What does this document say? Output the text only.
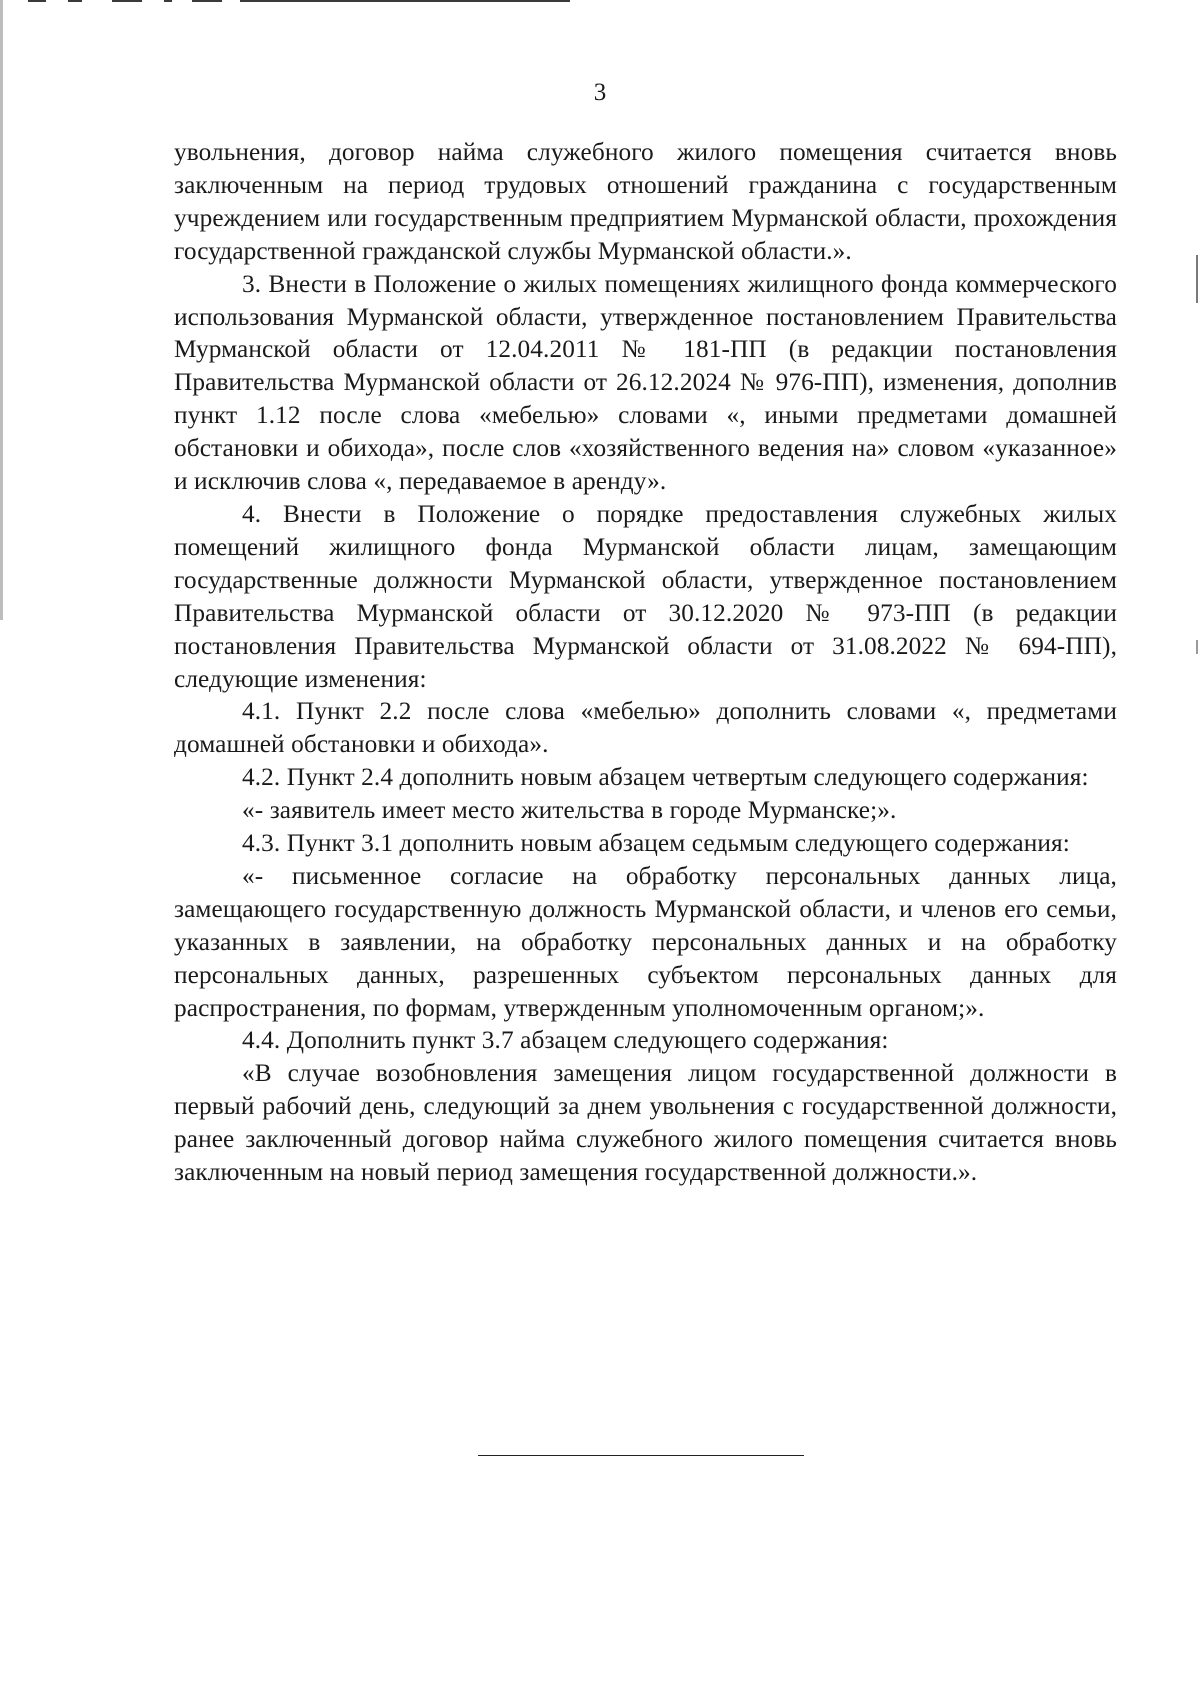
3

увольнения, договор найма служебного жилого помещения считается вновь заключенным на период трудовых отношений гражданина с государственным учреждением или государственным предприятием Мурманской области, прохождения государственной гражданской службы Мурманской области.».

3. Внести в Положение о жилых помещениях жилищного фонда коммерческого использования Мурманской области, утвержденное постановлением Правительства Мурманской области от 12.04.2011 № 181-ПП (в редакции постановления Правительства Мурманской области от 26.12.2024 № 976-ПП), изменения, дополнив пункт 1.12 после слова «мебелью» словами «, иными предметами домашней обстановки и обихода», после слов «хозяйственного ведения на» словом «указанное» и исключив слова «, передаваемое в аренду».

4. Внести в Положение о порядке предоставления служебных жилых помещений жилищного фонда Мурманской области лицам, замещающим государственные должности Мурманской области, утвержденное постановлением Правительства Мурманской области от 30.12.2020 № 973-ПП (в редакции постановления Правительства Мурманской области от 31.08.2022 № 694-ПП), следующие изменения:

4.1. Пункт 2.2 после слова «мебелью» дополнить словами «, предметами домашней обстановки и обихода».

4.2. Пункт 2.4 дополнить новым абзацем четвертым следующего содержания:

«- заявитель имеет место жительства в городе Мурманске;».

4.3. Пункт 3.1 дополнить новым абзацем седьмым следующего содержания:

«- письменное согласие на обработку персональных данных лица, замещающего государственную должность Мурманской области, и членов его семьи, указанных в заявлении, на обработку персональных данных и на обработку персональных данных, разрешенных субъектом персональных данных для распространения, по формам, утвержденным уполномоченным органом;».

4.4. Дополнить пункт 3.7 абзацем следующего содержания:

«В случае возобновления замещения лицом государственной должности в первый рабочий день, следующий за днем увольнения с государственной должности, ранее заключенный договор найма служебного жилого помещения считается вновь заключенным на новый период замещения государственной должности.».
